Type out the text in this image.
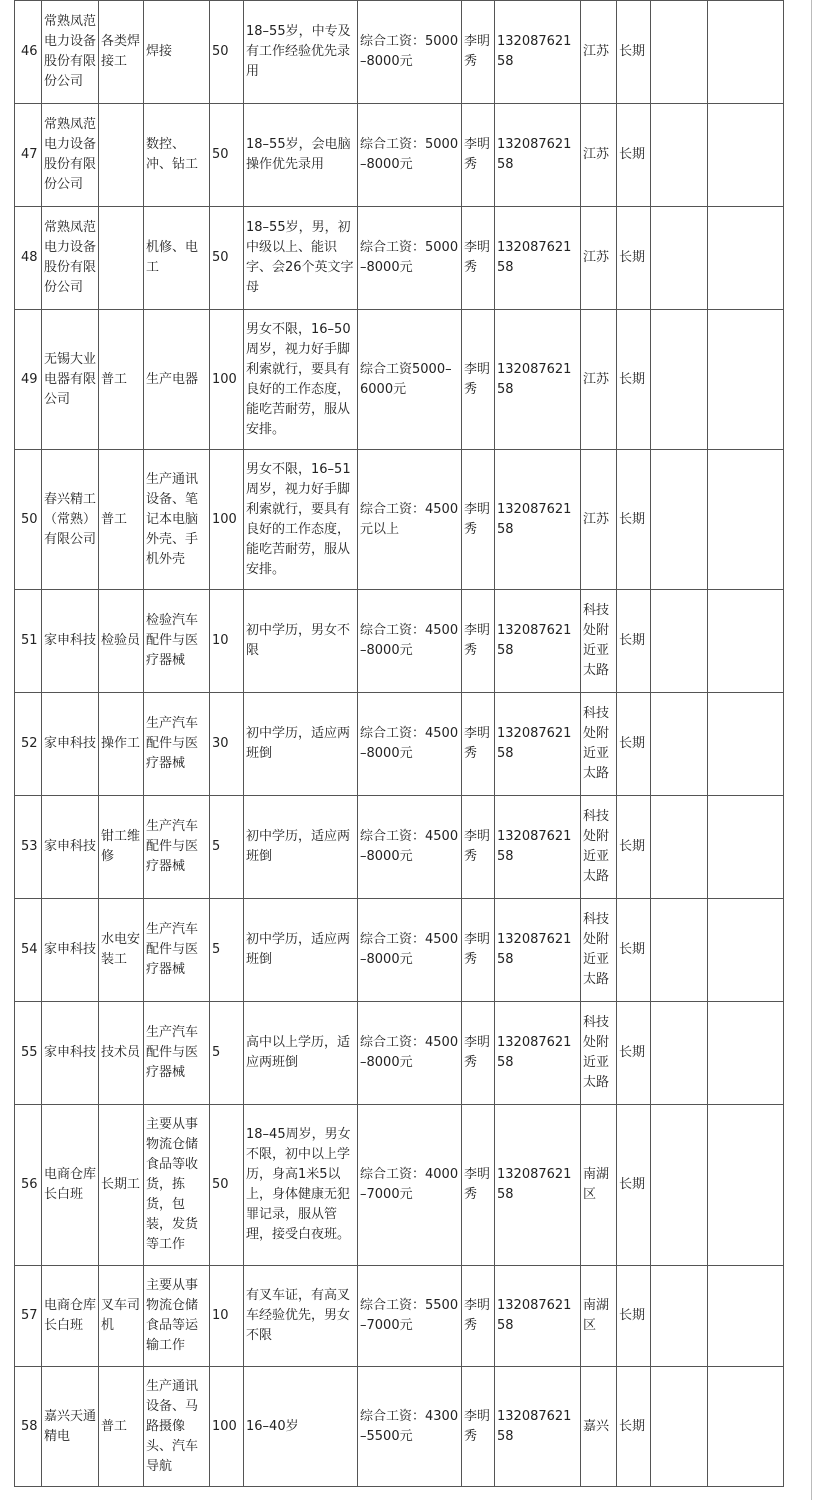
46	常熟凤范电力设备股份有限份公司	各类焊接工	焊接	50	18–55岁，中专及有工作经验优先录用	综合工资：5000–8000元	李明秀	13208762158	江苏	长期		
47	常熟凤范电力设备股份有限份公司		数控、冲、钻工	50	18–55岁，会电脑操作优先录用	综合工资：5000–8000元	李明秀	13208762158	江苏	长期		
48	常熟凤范电力设备股份有限份公司		机修、电工	50	18–55岁，男，初中级以上、能识字、会26个英文字母	综合工资：5000–8000元	李明秀	13208762158	江苏	长期		
49	无锡大业电器有限公司	普工	生产电器	100	男女不限，16–50周岁，视力好手脚利索就行，要具有良好的工作态度，能吃苦耐劳，服从安排。	综合工资5000–6000元	李明秀	13208762158	江苏	长期		
50	春兴精工（常熟）有限公司	普工	生产通讯设备、笔记本电脑外壳、手机外壳	100	男女不限，16–51周岁，视力好手脚利索就行，要具有良好的工作态度，能吃苦耐劳，服从安排。	综合工资：4500元以上	李明秀	13208762158	江苏	长期		
51	家申科技	检验员	检验汽车配件与医疗器械	10	初中学历，男女不限	综合工资：4500–8000元	李明秀	13208762158	科技处附近亚太路	长期		
52	家申科技	操作工	生产汽车配件与医疗器械	30	初中学历，适应两班倒	综合工资：4500–8000元	李明秀	13208762158	科技处附近亚太路	长期		
53	家申科技	钳工维修	生产汽车配件与医疗器械	5	初中学历，适应两班倒	综合工资：4500–8000元	李明秀	13208762158	科技处附近亚太路	长期		
54	家申科技	水电安装工	生产汽车配件与医疗器械	5	初中学历，适应两班倒	综合工资：4500–8000元	李明秀	13208762158	科技处附近亚太路	长期		
55	家申科技	技术员	生产汽车配件与医疗器械	5	高中以上学历，适应两班倒	综合工资：4500–8000元	李明秀	13208762158	科技处附近亚太路	长期		
56	电商仓库长白班	长期工	主要从事物流仓储食品等收货，拣货，包装，发货等工作	50	18–45周岁，男女不限，初中以上学历，身高1米5以上，身体健康无犯罪记录，服从管理，接受白夜班。	综合工资：4000–7000元	李明秀	13208762158	南湖区	长期		
57	电商仓库长白班	叉车司机	主要从事物流仓储食品等运输工作	10	有叉车证，有高叉车经验优先，男女不限	综合工资：5500–7000元	李明秀	13208762158	南湖区	长期		
58	嘉兴天通精电	普工	生产通讯设备、马路摄像头、汽车导航	100	16–40岁	综合工资：4300–5500元	李明秀	13208762158	嘉兴	长期		
